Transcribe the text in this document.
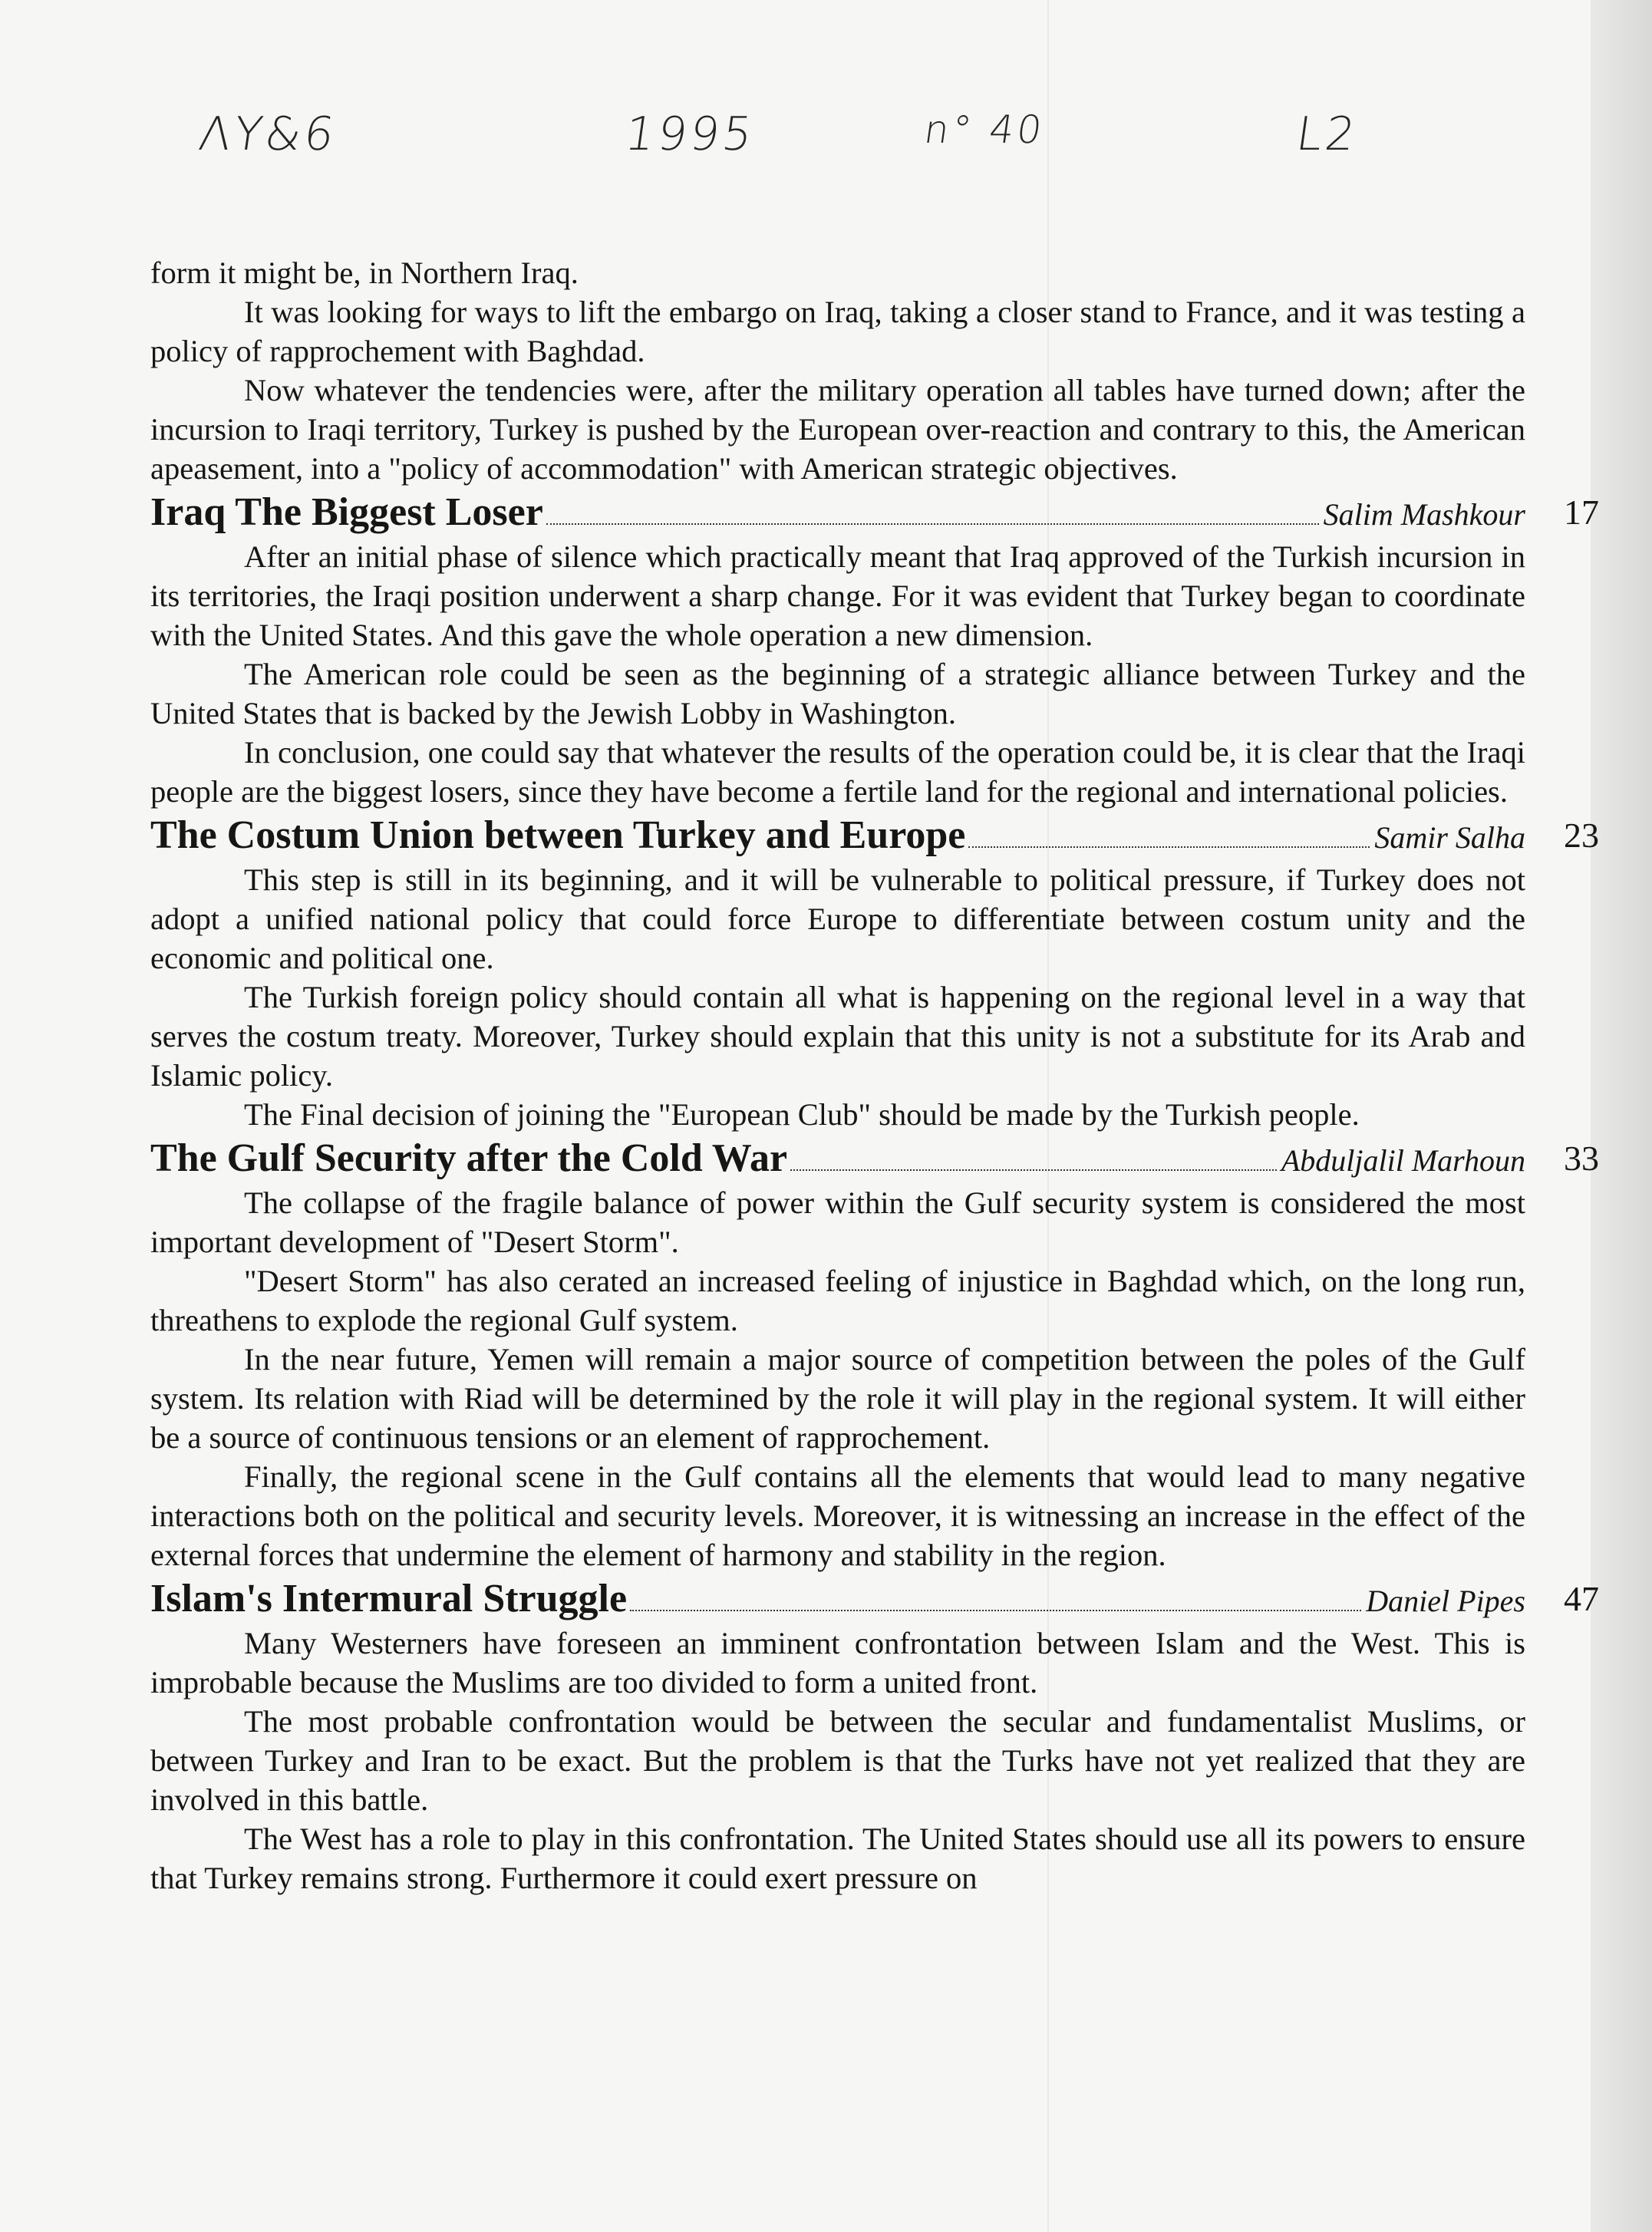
ΛΥ&6	1995	n° 40	L2

form it might be, in Northern Iraq.

It was looking for ways to lift the embargo on Iraq, taking a closer stand to France, and it was testing a policy of rapprochement with Baghdad.

Now whatever the tendencies were, after the military operation all tables have turned down; after the incursion to Iraqi territory, Turkey is pushed by the European over-reaction and contrary to this, the American apeasement, into a "policy of accommodation" with American strategic objectives.

Iraq The Biggest Loser	Salim Mashkour 17

After an initial phase of silence which practically meant that Iraq approved of the Turkish incursion in its territories, the Iraqi position underwent a sharp change. For it was evident that Turkey began to coordinate with the United States. And this gave the whole operation a new dimension.

The American role could be seen as the beginning of a strategic alliance between Turkey and the United States that is backed by the Jewish Lobby in Washington.

In conclusion, one could say that whatever the results of the operation could be, it is clear that the Iraqi people are the biggest losers, since they have become a fertile land for the regional and international policies.

The Costum Union between Turkey and Europe	Samir Salha 23

This step is still in its beginning, and it will be vulnerable to political pressure, if Turkey does not adopt a unified national policy that could force Europe to differentiate between costum unity and the economic and political one.

The Turkish foreign policy should contain all what is happening on the regional level in a way that serves the costum treaty. Moreover, Turkey should explain that this unity is not a substitute for its Arab and Islamic policy.

The Final decision of joining the "European Club" should be made by the Turkish people.

The Gulf Security after the Cold War	Abduljalil Marhoun 33

The collapse of the fragile balance of power within the Gulf security system is considered the most important development of "Desert Storm".

"Desert Storm" has also cerated an increased feeling of injustice in Baghdad which, on the long run, threathens to explode the regional Gulf system.

In the near future, Yemen will remain a major source of competition between the poles of the Gulf system. Its relation with Riad will be determined by the role it will play in the regional system. It will either be a source of continuous tensions or an element of rapprochement.

Finally, the regional scene in the Gulf contains all the elements that would lead to many negative interactions both on the political and security levels. Moreover, it is witnessing an increase in the effect of the external forces that undermine the element of harmony and stability in the region.

Islam's Intermural Struggle	Daniel Pipes 47

Many Westerners have foreseen an imminent confrontation between Islam and the West. This is improbable because the Muslims are too divided to form a united front.

The most probable confrontation would be between the secular and fundamentalist Muslims, or between Turkey and Iran to be exact. But the problem is that the Turks have not yet realized that they are involved in this battle.

The West has a role to play in this confrontation. The United States should use all its powers to ensure that Turkey remains strong. Furthermore it could exert pressure on
